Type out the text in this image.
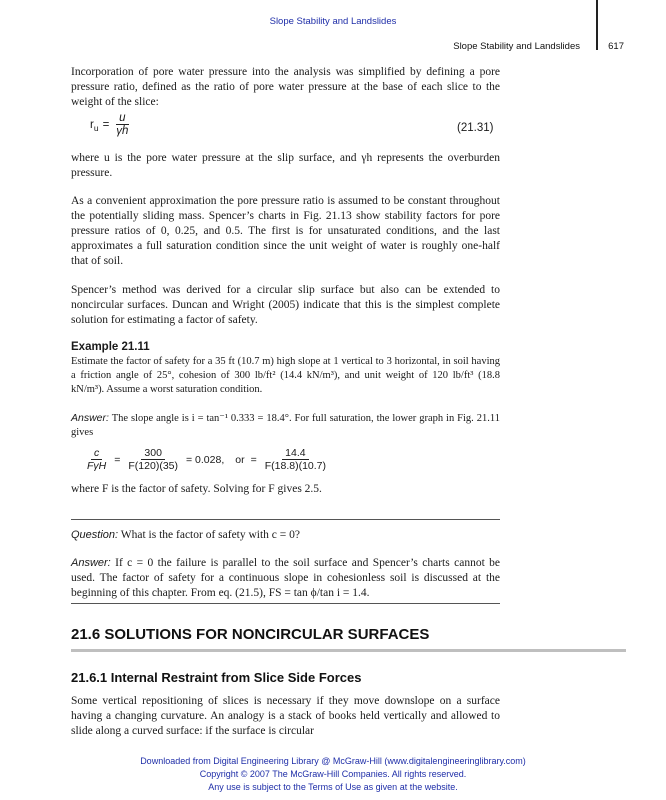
Slope Stability and Landslides
Slope Stability and Landslides	617

Incorporation of pore water pressure into the analysis was simplified by defining a pore pressure ratio, defined as the ratio of pore water pressure at the base of each slice to the weight of the slice:

r $u = \frac{u}{\gamma h}$	(21.31)

where u is the pore water pressure at the slip surface, and γh represents the overburden pressure.

As a convenient approximation the pore pressure ratio is assumed to be constant throughout the potentially sliding mass. Spencer’s charts in Fig. 21.13 show stability factors for pore pressure ratios of 0, 0.25, and 0.5. The first is for unsaturated conditions, and the last approximates a full saturation condition since the unit weight of water is roughly one-half that of soil.

Spencer’s method was derived for a circular slip surface but also can be extended to noncircular surfaces. Duncan and Wright (2005) indicate that this is the simplest complete solution for estimating a factor of safety.

Example 21.11

Estimate the factor of safety for a 35 ft (10.7 m) high slope at 1 vertical to 3 horizontal, in soil having a friction angle of 25°, cohesion of 300 lb/ft² (14.4 kN/m³), and unit weight of 120 lb/ft³ (18.8 kN/m³). Assume a worst saturation condition.

Answer: The slope angle is i = tan⁻¹ 0.333 = 18.4°. For full saturation, the lower graph in Fig. 21.11 gives

$\frac{c}{\text{FγH}} = \frac{300}{F(120)(35)} = 0.028$, or = $\frac{14.4}{F(18.8)(10.7)}$

where F is the factor of safety. Solving for F gives 2.5.

Question: What is the factor of safety with c = 0?

Answer: If c = 0 the failure is parallel to the soil surface and Spencer’s charts cannot be used. The factor of safety for a continuous slope in cohesionless soil is discussed at the beginning of this chapter. From eq. (21.5), FS = tan ϕ/tan i = 1.4.

21.6 SOLUTIONS FOR NONCIRCULAR SURFACES
21.6.1 Internal Restraint from Slice Side Forces

Some vertical repositioning of slices is necessary if they move downslope on a surface having a changing curvature. An analogy is a stack of books held vertically and allowed to slide along a curved surface: if the surface is circular

Downloaded from Digital Engineering Library @ McGraw-Hill (www.digitalengineeringlibrary.com)
Copyright © 2007 The McGraw-Hill Companies. All rights reserved.
Any use is subject to the Terms of Use as given at the website.
